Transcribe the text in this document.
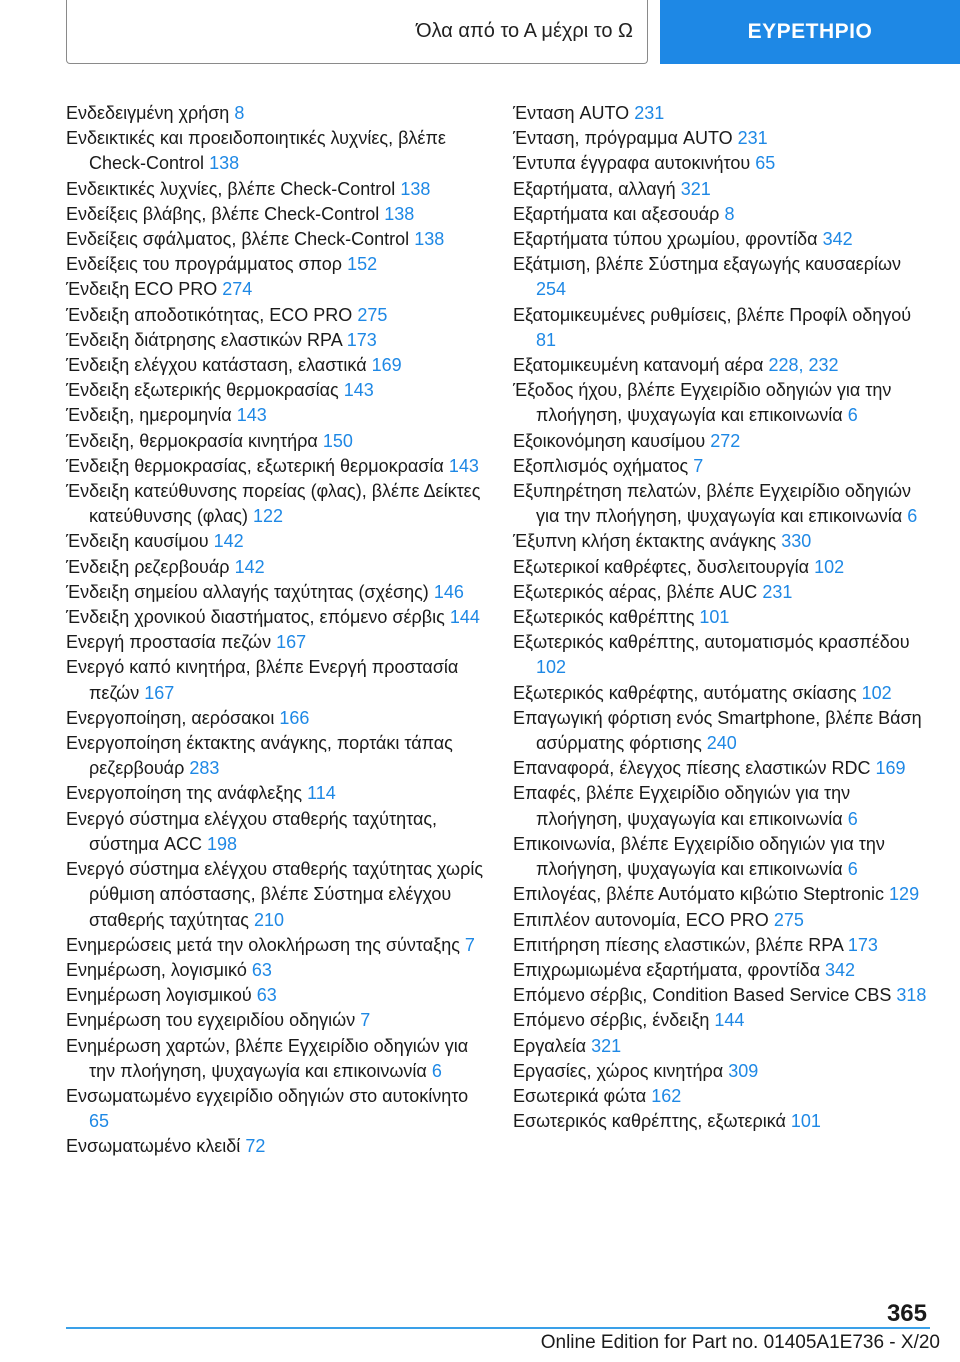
Όλα από το Α μέχρι το Ω	ΕΥΡΕΤΗΡΙΟ

Ενδεδειγμένη χρήση 8

Ενδεικτικές και προειδοποιητικές λυχνίες, βλέπε Check-Control 138

Ενδεικτικές λυχνίες, βλέπε Check-Control 138

Ενδείξεις βλάβης, βλέπε Check-Control 138

Ενδείξεις σφάλματος, βλέπε Check-Control 138

Ενδείξεις του προγράμματος σπορ 152

Ένδειξη ECO PRO 274

Ένδειξη αποδοτικότητας, ECO PRO 275

Ένδειξη διάτρησης ελαστικών RPA 173

Ένδειξη ελέγχου κατάσταση, ελαστικά 169

Ένδειξη εξωτερικής θερμοκρασίας 143

Ένδειξη, ημερομηνία 143

Ένδειξη, θερμοκρασία κινητήρα 150

Ένδειξη θερμοκρασίας, εξωτερική θερμοκρασία 143

Ένδειξη κατεύθυνσης πορείας (φλας), βλέπε Δείκτες κατεύθυνσης (φλας) 122

Ένδειξη καυσίμου 142

Ένδειξη ρεζερβουάρ 142

Ένδειξη σημείου αλλαγής ταχύτητας (σχέσης) 146

Ένδειξη χρονικού διαστήματος, επόμενο σέρβις 144

Ενεργή προστασία πεζών 167

Ενεργό καπό κινητήρα, βλέπε Ενεργή προστασία πεζών 167

Ενεργοποίηση, αερόσακοι 166

Ενεργοποίηση έκτακτης ανάγκης, πορτάκι τάπας ρεζερβουάρ 283

Ενεργοποίηση της ανάφλεξης 114

Ενεργό σύστημα ελέγχου σταθερής ταχύτητας, σύστημα ACC 198

Ενεργό σύστημα ελέγχου σταθερής ταχύτητας χωρίς ρύθμιση απόστασης, βλέπε Σύστημα ελέγχου σταθερής ταχύτητας 210

Ενημερώσεις μετά την ολοκλήρωση της σύνταξης 7

Ενημέρωση, λογισμικό 63

Ενημέρωση λογισμικού 63

Ενημέρωση του εγχειριδίου οδηγιών 7

Ενημέρωση χαρτών, βλέπε Εγχειρίδιο οδηγιών για την πλοήγηση, ψυχαγωγία και επικοινωνία 6

Ενσωματωμένο εγχειρίδιο οδηγιών στο αυτοκίνητο 65

Ενσωματωμένο κλειδί 72

Ένταση AUTO 231

Ένταση, πρόγραμμα AUTO 231

Έντυπα έγγραφα αυτοκινήτου 65

Εξαρτήματα, αλλαγή 321

Εξαρτήματα και αξεσουάρ 8

Εξαρτήματα τύπου χρωμίου, φροντίδα 342

Εξάτμιση, βλέπε Σύστημα εξαγωγής καυσαερίων 254

Εξατομικευμένες ρυθμίσεις, βλέπε Προφίλ οδηγού 81

Εξατομικευμένη κατανομή αέρα 228, 232

Έξοδος ήχου, βλέπε Εγχειρίδιο οδηγιών για την πλοήγηση, ψυχαγωγία και επικοινωνία 6

Εξοικονόμηση καυσίμου 272

Εξοπλισμός οχήματος 7

Εξυπηρέτηση πελατών, βλέπε Εγχειρίδιο οδηγιών για την πλοήγηση, ψυχαγωγία και επικοινωνία 6

Έξυπνη κλήση έκτακτης ανάγκης 330

Εξωτερικοί καθρέφτες, δυσλειτουργία 102

Εξωτερικός αέρας, βλέπε AUC 231

Εξωτερικός καθρέπτης 101

Εξωτερικός καθρέπτης, αυτοματισμός κρασπέδου 102

Εξωτερικός καθρέφτης, αυτόματης σκίασης 102

Επαγωγική φόρτιση ενός Smartphone, βλέπε Βάση ασύρματης φόρτισης 240

Επαναφορά, έλεγχος πίεσης ελαστικών RDC 169

Επαφές, βλέπε Εγχειρίδιο οδηγιών για την πλοήγηση, ψυχαγωγία και επικοινωνία 6

Επικοινωνία, βλέπε Εγχειρίδιο οδηγιών για την πλοήγηση, ψυχαγωγία και επικοινωνία 6

Επιλογέας, βλέπε Αυτόματο κιβώτιο Steptronic 129

Επιπλέον αυτονομία, ECO PRO 275

Επιτήρηση πίεσης ελαστικών, βλέπε RPA 173

Επιχρωμιωμένα εξαρτήματα, φροντίδα 342

Επόμενο σέρβις, Condition Based Service CBS 318

Επόμενο σέρβις, ένδειξη 144

Εργαλεία 321

Εργασίες, χώρος κινητήρα 309

Εσωτερικά φώτα 162

Εσωτερικός καθρέπτης, εξωτερικά 101

365
Online Edition for Part no. 01405A1E736 - X/20
